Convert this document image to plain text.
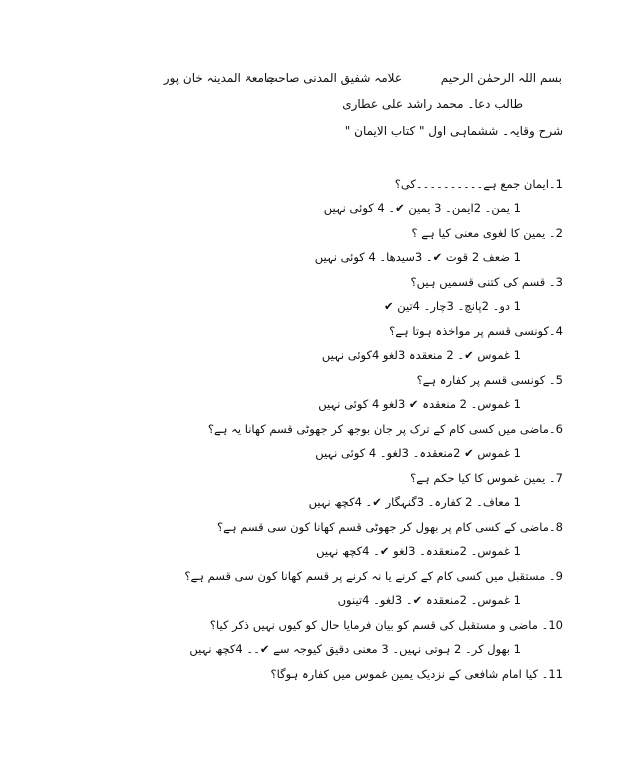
بسم اللہ الرحمٰن الرحیم
علامہ شفیق المدنی صاحب
جامعۃ المدینہ خان پور
طالب دعا۔ محمد راشد علی عطاری
شرح وقایہ۔ ششماہی اول " کتاب الایمان "
1۔ایمان جمع ہے۔۔۔۔۔۔۔۔۔۔کی؟
1 یمن۔ 2ایمن۔ 3 یمین ✔۔ 4 کوئی نہیں
2۔ یمین کا لغوی معنی کیا ہے ؟
1 ضعف 2 قوت ✔۔ 3سیدھا۔ 4 کوئی نہیں
3۔ قسم کی کتنی قسمیں ہیں؟
1 دو۔ 2پانچ۔ 3چار۔ 4تین ✔
4۔کونسی قسم پر مواخذہ ہوتا ہے؟
1 غموس ✔۔ 2 منعقدہ 3لغو 4کوئی نہیں
5۔ کونسی قسم پر کفارہ ہے؟
1 غموس۔ 2 منعقدہ ✔ 3لغو 4 کوئی نہیں
6۔ماضی میں کسی کام کے ترک پر جان بوجھ کر جھوٹی قسم کھانا یہ ہے؟
1 غموس ✔ 2منعقدہ۔ 3لغو۔ 4 کوئی نہیں
7۔ یمین غموس کا کیا حکم ہے؟
1 معاف۔ 2 کفارہ۔ 3گنہگار ✔۔ 4کچھ نہیں
8۔ماضی کے کسی کام پر بھول کر جھوٹی قسم کھانا کون سی قسم ہے؟
1 غموس۔ 2منعقدہ۔ 3لغو ✔۔ 4کچھ نہیں
9۔ مستقبل میں کسی کام کے کرنے یا نہ کرنے پر قسم کھانا کون سی قسم ہے؟
1 غموس۔ 2منعقدہ ✔۔ 3لغو۔ 4تینوں
10۔ ماضی و مستقبل کی قسم کو بیان فرمایا حال کو کیوں نہیں ذکر کیا؟
1 بھول کر۔ 2 ہوتی نہیں۔ 3 معنی دقیق کیوجہ سے ✔۔۔ 4کچھ نہیں
11۔ کیا امام شافعی کے نزدیک یمین غموس میں کفارہ ہوگا؟
